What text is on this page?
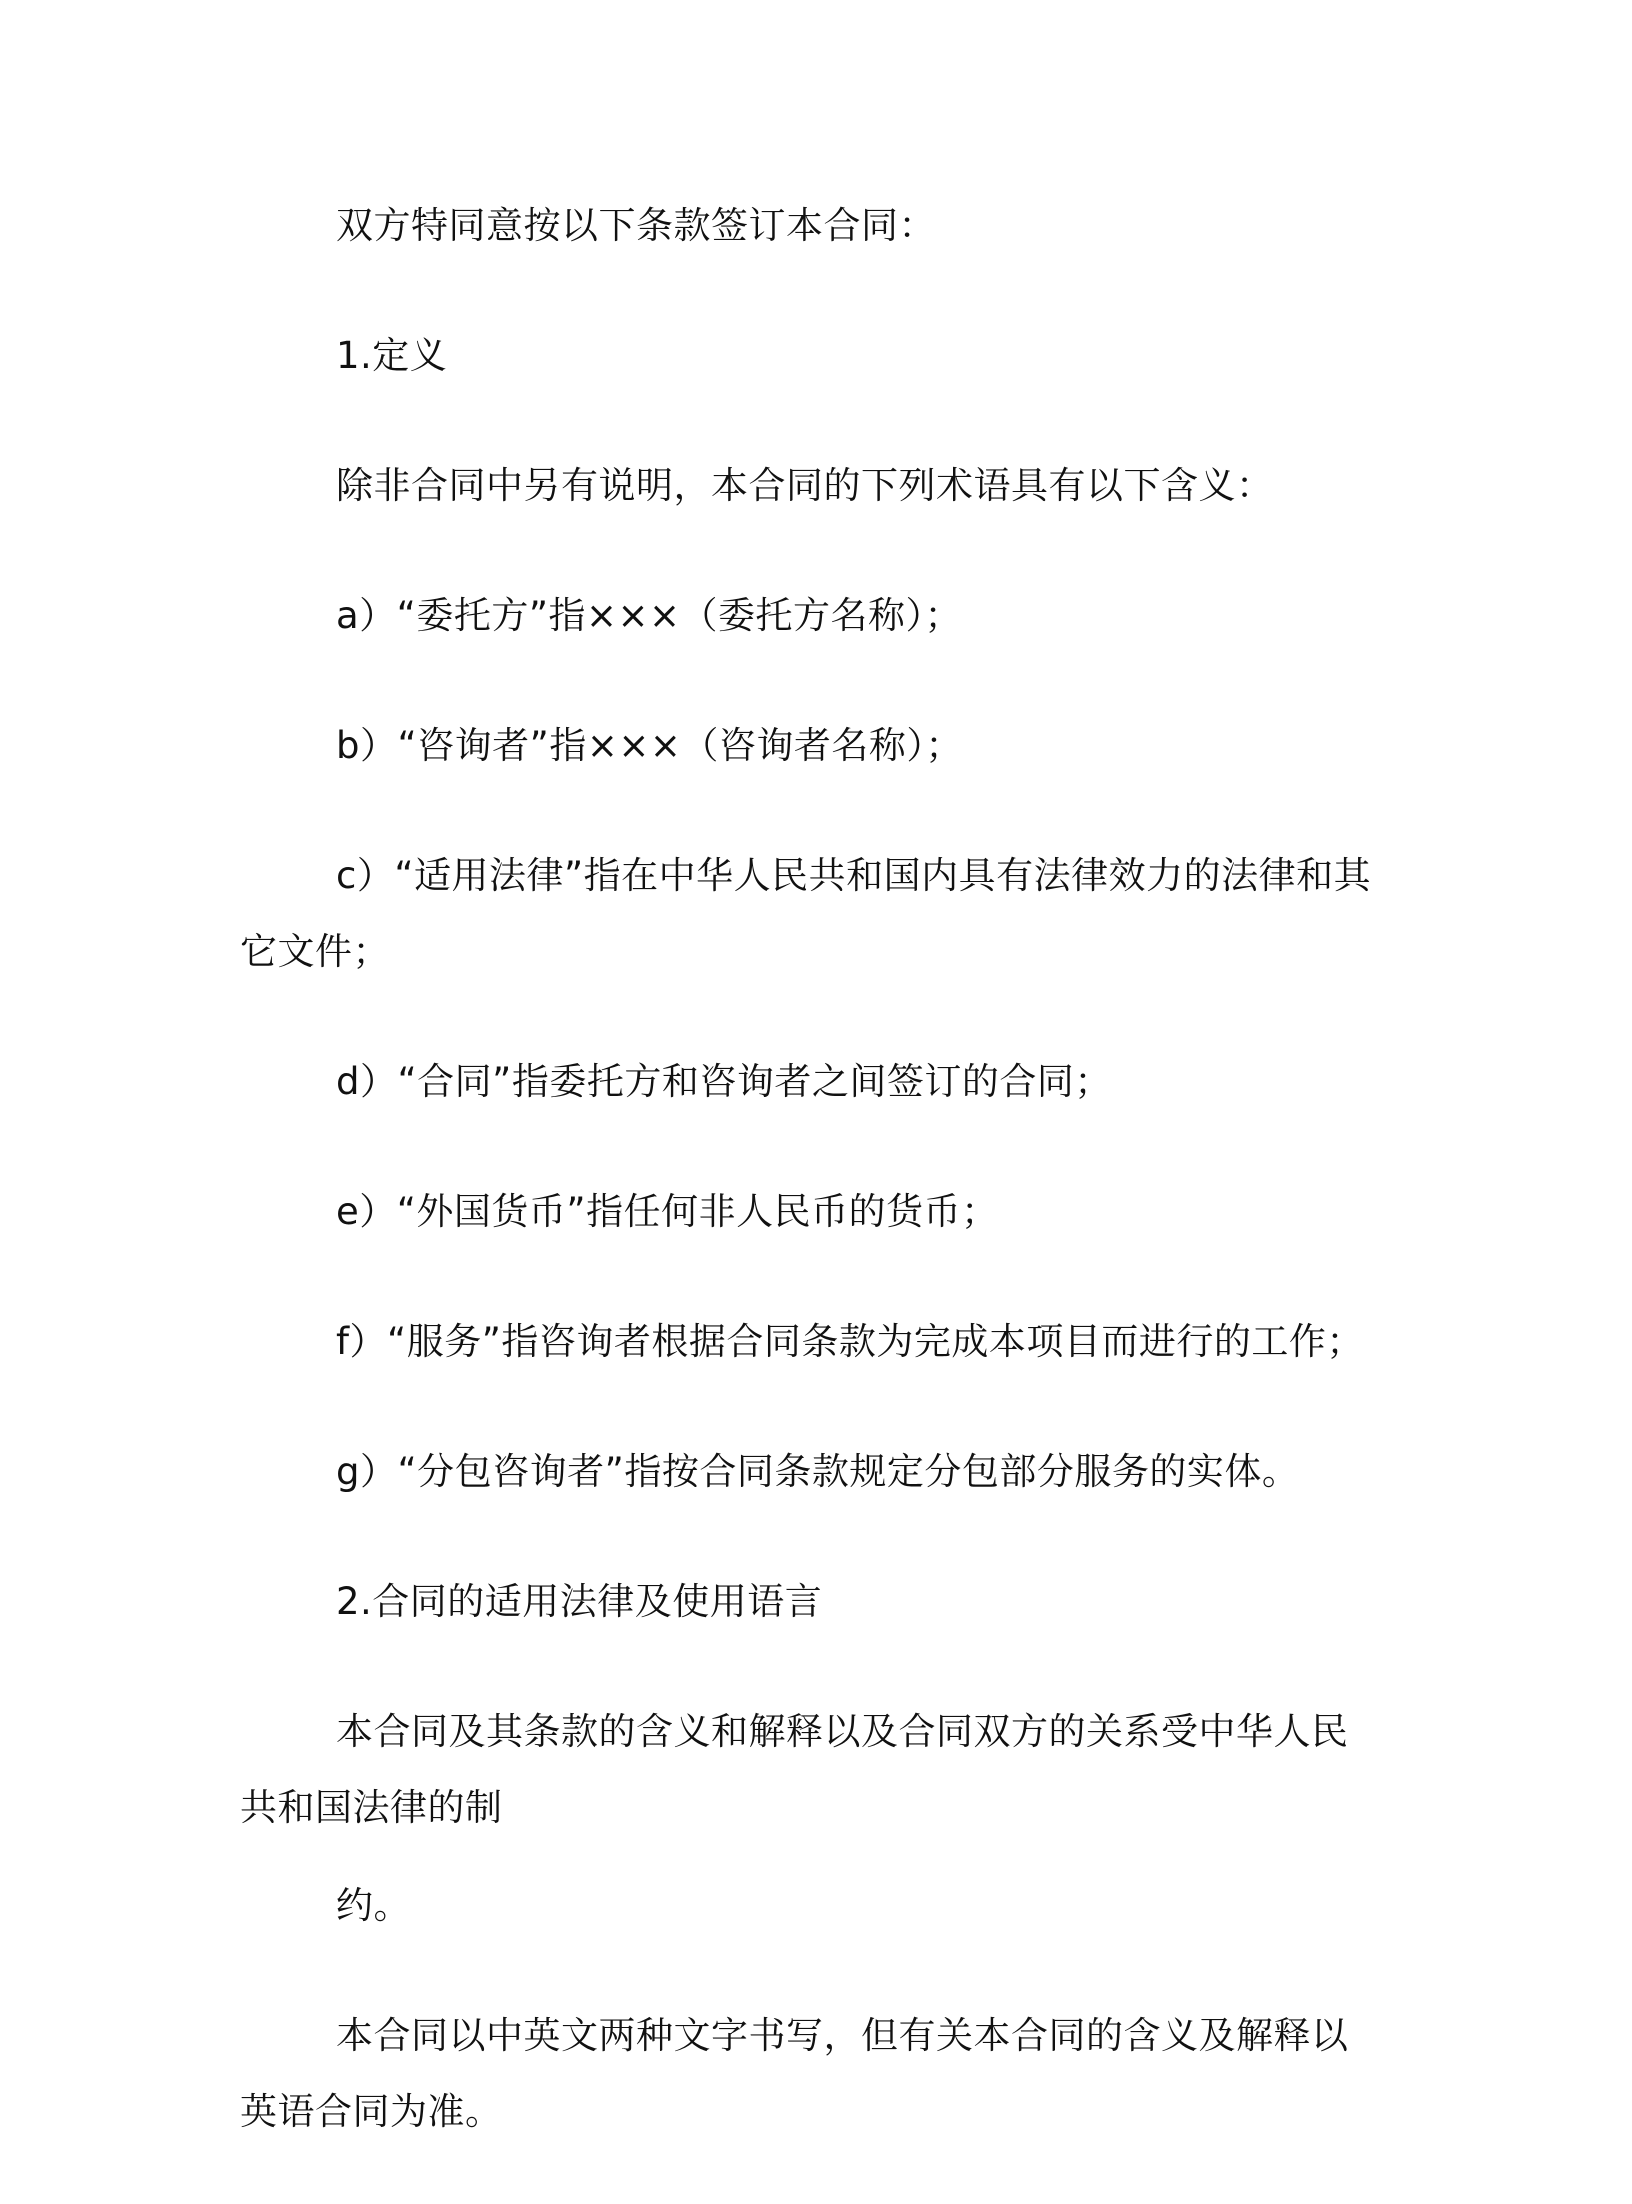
双方特同意按以下条款签订本合同：

1.定义

除非合同中另有说明，本合同的下列术语具有以下含义：

a）“委托方”指×××（委托方名称）；

b）“咨询者”指×××（咨询者名称）；

c）“适用法律”指在中华人民共和国内具有法律效力的法律和其它文件；

d）“合同”指委托方和咨询者之间签订的合同；

e）“外国货币”指任何非人民币的货币；

f）“服务”指咨询者根据合同条款为完成本项目而进行的工作；

g）“分包咨询者”指按合同条款规定分包部分服务的实体。

2.合同的适用法律及使用语言

本合同及其条款的含义和解释以及合同双方的关系受中华人民共和国法律的制

约。

本合同以中英文两种文字书写，但有关本合同的含义及解释以英语合同为准。
